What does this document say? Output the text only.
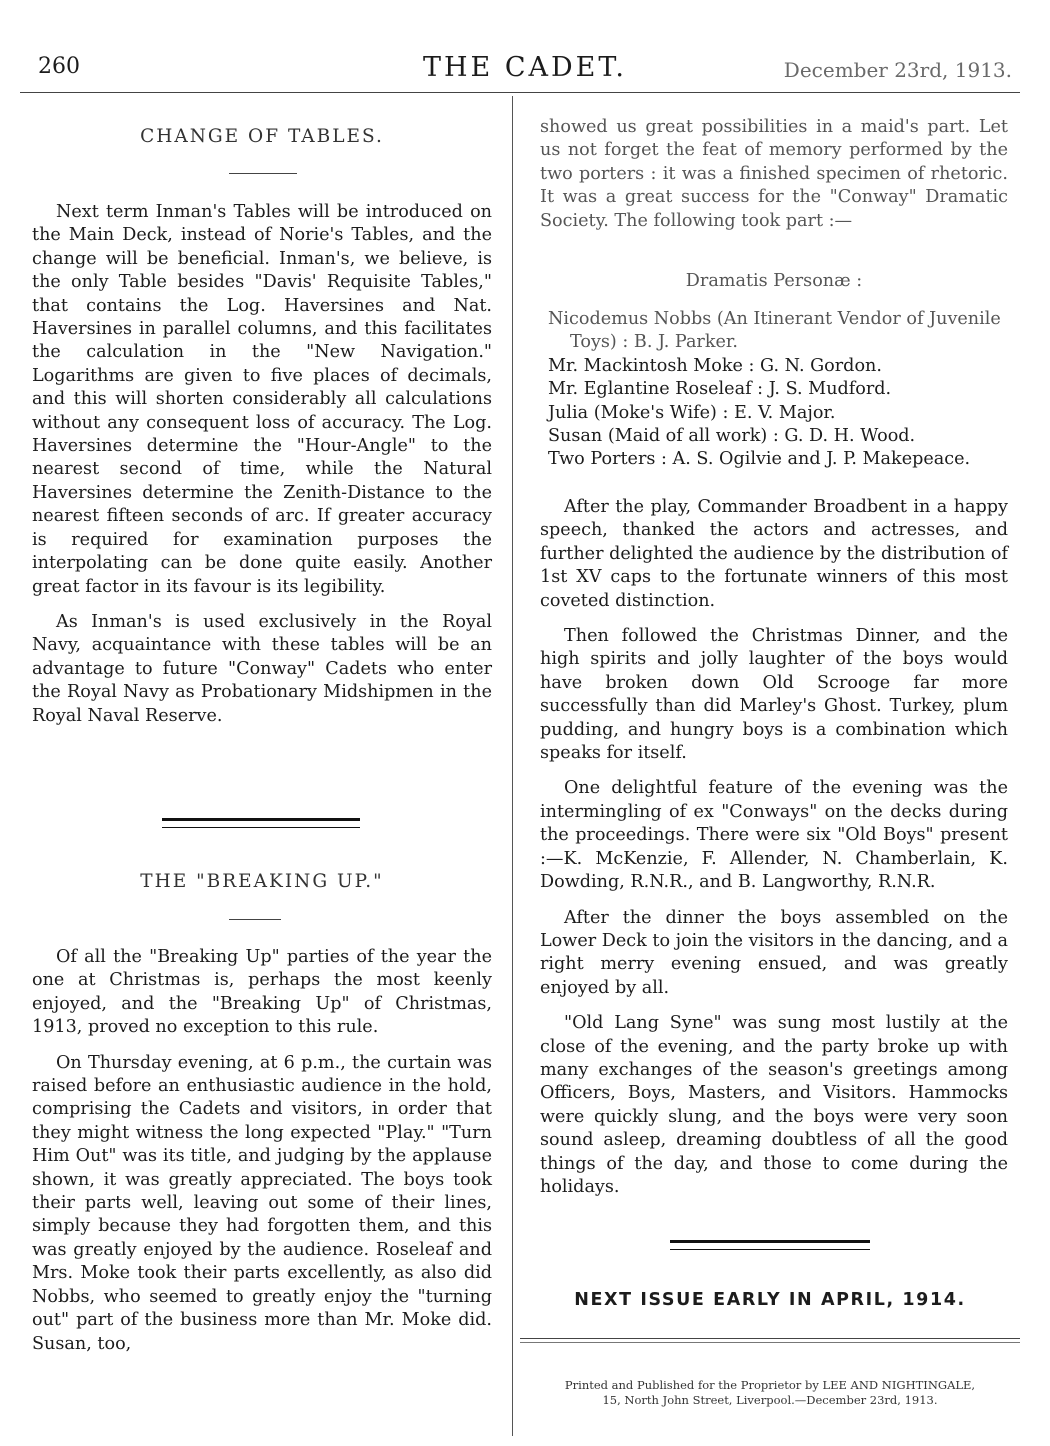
260	THE CADET.	December 23rd, 1913.
CHANGE OF TABLES.

Next term Inman's Tables will be introduced on the Main Deck, instead of Norie's Tables, and the change will be beneficial. Inman's, we believe, is the only Table besides "Davis' Requisite Tables," that contains the Log. Haversines and Nat. Haversines in parallel columns, and this facilitates the calculation in the "New Navigation." Logarithms are given to five places of decimals, and this will shorten considerably all calculations without any consequent loss of accuracy. The Log. Haversines determine the "Hour-Angle" to the nearest second of time, while the Natural Haversines determine the Zenith-Distance to the nearest fifteen seconds of arc. If greater accuracy is required for examination purposes the interpolating can be done quite easily. Another great factor in its favour is its legibility.

As Inman's is used exclusively in the Royal Navy, acquaintance with these tables will be an advantage to future "Conway" Cadets who enter the Royal Navy as Probationary Midshipmen in the Royal Naval Reserve.

THE "BREAKING UP."

Of all the "Breaking Up" parties of the year the one at Christmas is, perhaps the most keenly enjoyed, and the "Breaking Up" of Christmas, 1913, proved no exception to this rule.

On Thursday evening, at 6 p.m., the curtain was raised before an enthusiastic audience in the hold, comprising the Cadets and visitors, in order that they might witness the long expected "Play." "Turn Him Out" was its title, and judging by the applause shown, it was greatly appreciated. The boys took their parts well, leaving out some of their lines, simply because they had forgotten them, and this was greatly enjoyed by the audience. Roseleaf and Mrs. Moke took their parts excellently, as also did Nobbs, who seemed to greatly enjoy the "turning out" part of the business more than Mr. Moke did. Susan, too,

showed us great possibilities in a maid's part. Let us not forget the feat of memory performed by the two porters : it was a finished specimen of rhetoric. It was a great success for the "Conway" Dramatic Society. The following took part :—

Dramatis Personæ :
Nicodemus Nobbs (An Itinerant Vendor of Juvenile Toys) : B. J. Parker.
Mr. Mackintosh Moke : G. N. Gordon.
Mr. Eglantine Roseleaf : J. S. Mudford.
Julia (Moke's Wife) : E. V. Major.
Susan (Maid of all work) : G. D. H. Wood.
Two Porters : A. S. Ogilvie and J. P. Makepeace.

After the play, Commander Broadbent in a happy speech, thanked the actors and actresses, and further delighted the audience by the distribution of 1st XV caps to the fortunate winners of this most coveted distinction.

Then followed the Christmas Dinner, and the high spirits and jolly laughter of the boys would have broken down Old Scrooge far more successfully than did Marley's Ghost. Turkey, plum pudding, and hungry boys is a combination which speaks for itself.

One delightful feature of the evening was the intermingling of ex "Conways" on the decks during the proceedings. There were six "Old Boys" present :—K. McKenzie, F. Allender, N. Chamberlain, K. Dowding, R.N.R., and B. Langworthy, R.N.R.

After the dinner the boys assembled on the Lower Deck to join the visitors in the dancing, and a right merry evening ensued, and was greatly enjoyed by all.

"Old Lang Syne" was sung most lustily at the close of the evening, and the party broke up with many exchanges of the season's greetings among Officers, Boys, Masters, and Visitors. Hammocks were quickly slung, and the boys were very soon sound asleep, dreaming doubtless of all the good things of the day, and those to come during the holidays.

NEXT ISSUE EARLY IN APRIL, 1914.

Printed and Published for the Proprietor by LEE AND NIGHTINGALE,

15, North John Street, Liverpool.—December 23rd, 1913.
